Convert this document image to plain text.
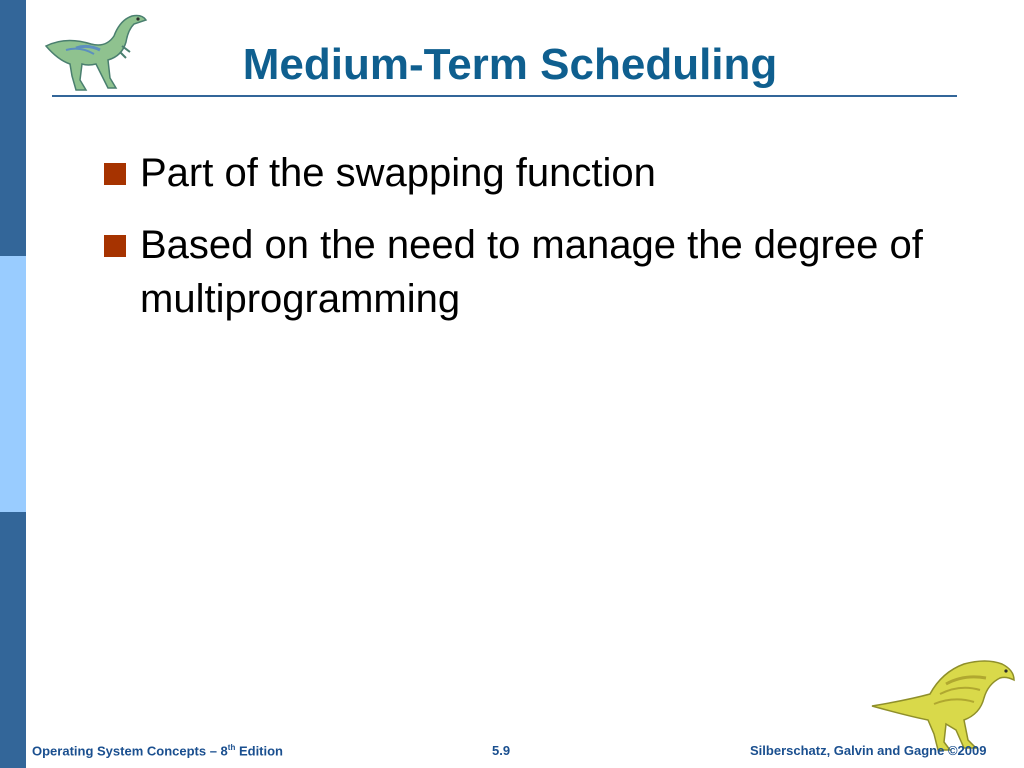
Medium-Term Scheduling
Part of the swapping function
Based on the need to manage the degree of multiprogramming
Operating System Concepts – 8th Edition	5.9	Silberschatz, Galvin and Gagne ©2009
